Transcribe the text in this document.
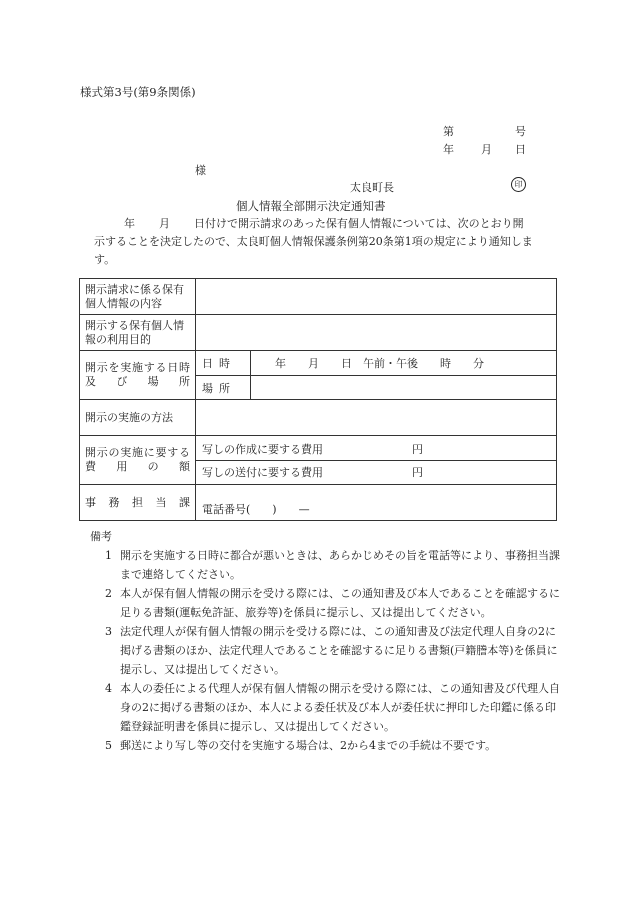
様式第3号(第9条関係)
第	号
年 月 日
様
太良町長	印
個人情報全部開示決定通知書

年 月 日付けで開示請求のあった保有個人情報については、次のとおり開

示することを決定したので、太良町個人情報保護条例第20条第1項の規定により通知しま

す。

開示請求に係る保有個人情報の内容	
開示する保有個人情報の利用目的	
開示を実施する日時及び場所	日時 年　　月　　日　午前・午後　　時　　分
場所

開示の実施の方法	
開示の実施に要する費用の額	写しの作成に要する費用 円
写しの送付に要する費用 円

事務担当課	電話番号(　　)　　—
備考
1 開示を実施する日時に都合が悪いときは、あらかじめその旨を電話等により、事務担当課まで連絡してください。
2 本人が保有個人情報の開示を受ける際には、この通知書及び本人であることを確認するに足りる書類(運転免許証、旅券等)を係員に提示し、又は提出してください。
3 法定代理人が保有個人情報の開示を受ける際には、この通知書及び法定代理人自身の2に掲げる書類のほか、法定代理人であることを確認するに足りる書類(戸籍謄本等)を係員に提示し、又は提出してください。
4 本人の委任による代理人が保有個人情報の開示を受ける際には、この通知書及び代理人自身の2に掲げる書類のほか、本人による委任状及び本人が委任状に押印した印鑑に係る印鑑登録証明書を係員に提示し、又は提出してください。
5 郵送により写し等の交付を実施する場合は、2から4までの手続は不要です。
